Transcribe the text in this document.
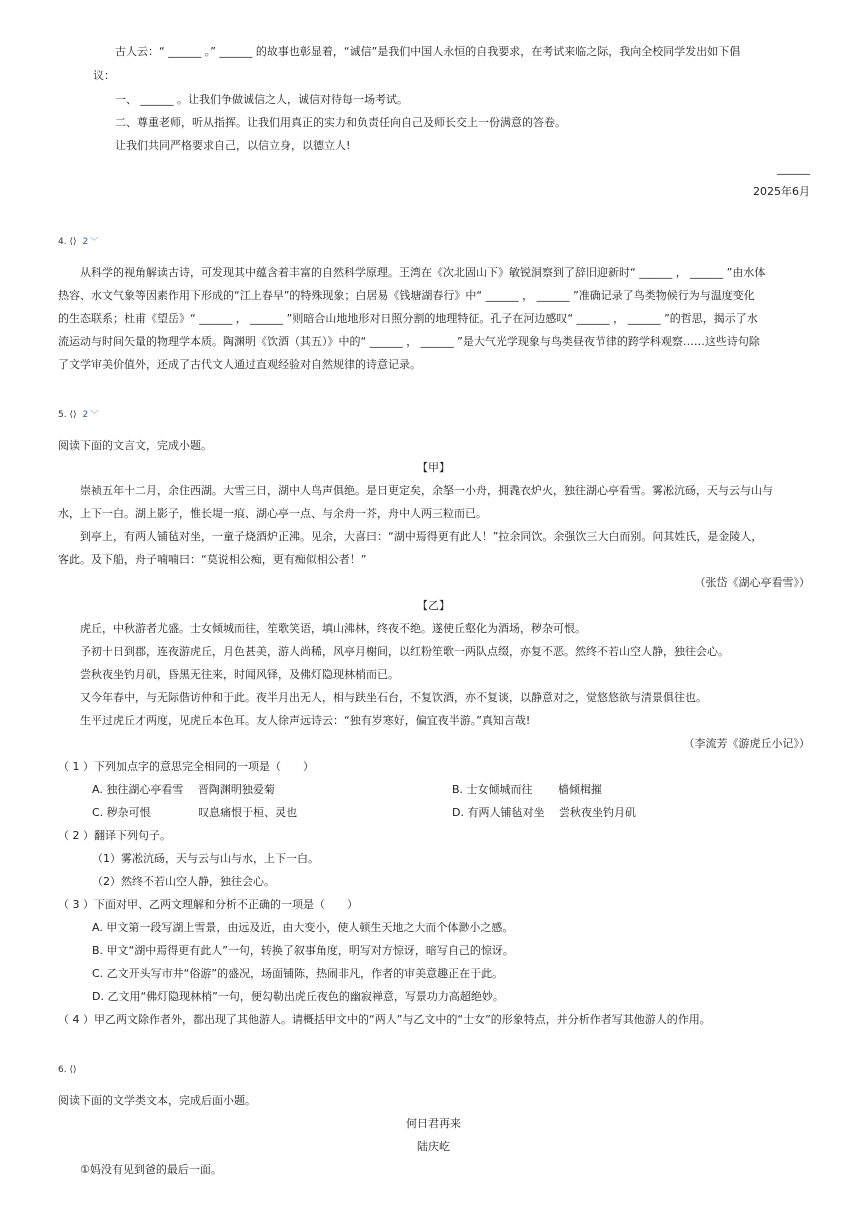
古人云：“ ______ 。” ______ 的故事也彰显着，“诚信”是我们中国人永恒的自我要求，在考试来临之际，我向全校同学发出如下倡
议：
一、 ______ 。让我们争做诚信之人，诚信对待每一场考试。
二、尊重老师，听从指挥。让我们用真正的实力和负责任向自己及师长交上一份满意的答卷。
让我们共同严格要求自己，以信立身，以德立人!
______
2025年6月
4. ⟨⟩ 2 ﹀
从科学的视角解读古诗，可发现其中蕴含着丰富的自然科学原理。王湾在《次北固山下》敏锐洞察到了辞旧迎新时“ ______ ， ______ ”由水体
热容、水文气象等因素作用下形成的“江上春早”的特殊现象；白居易《钱塘湖春行》中“ ______ ， ______ ”准确记录了鸟类物候行为与温度变化
的生态联系；杜甫《望岳》“ ______ ， ______ ”则暗合山地地形对日照分割的地理特征。孔子在河边感叹“ ______ ， ______ ”的哲思，揭示了水
流运动与时间矢量的物理学本质。陶渊明《饮酒（其五）》中的“ ______ ， ______ ”是大气光学现象与鸟类昼夜节律的跨学科观察……这些诗句除
了文学审美价值外，还成了古代文人通过直观经验对自然规律的诗意记录。
5. ⟨⟩ 2 ﹀
阅读下面的文言文，完成小题。
【甲】
崇祯五年十二月，余住西湖。大雪三日，湖中人鸟声俱绝。是日更定矣，余拏一小舟，拥毳衣炉火，独往湖心亭看雪。雾凇沆砀，天与云与山与
水，上下一白。湖上影子，惟长堤一痕、湖心亭一点、与余舟一芥，舟中人两三粒而已。
到亭上，有两人铺毡对坐，一童子烧酒炉正沸。见余，大喜曰：“湖中焉得更有此人！”拉余同饮。余强饮三大白而别。问其姓氏，是金陵人，
客此。及下船，舟子喃喃曰：“莫说相公痴，更有痴似相公者！”
（张岱《湖心亭看雪》）
【乙】
虎丘，中秋游者尤盛。士女倾城而往，笙歌笑语，填山沸林，终夜不绝。遂使丘壑化为酒场，秽杂可恨。
予初十日到郡，连夜游虎丘，月色甚美，游人尚稀，风亭月榭间，以红粉笙歌一两队点缀，亦复不恶。然终不若山空人静，独往会心。
尝秋夜坐钓月矶，昏黑无往来，时闻风铎，及佛灯隐现林梢而已。
又今年春中，与无际偕访仲和于此。夜半月出无人，相与趺坐石台，不复饮酒，亦不复谈，以静意对之，觉悠悠欲与清景俱往也。
生平过虎丘才两度，见虎丘本色耳。友人徐声远诗云：“独有岁寒好，偏宜夜半游。”真知言哉!
（李流芳《游虎丘小记》）
（ 1 ）下列加点字的意思完全相同的一项是（　　）
A. 独往湖心亭看雪　 晋陶渊明独爱菊	B. 士女倾城而往　　 樯倾楫摧
C. 秽杂可恨　　　　 叹息痛恨于桓、灵也	D. 有两人铺毡对坐　 尝秋夜坐钓月矶
（ 2 ）翻译下列句子。
（1）雾凇沆砀，天与云与山与水，上下一白。
（2）然终不若山空人静，独往会心。
（ 3 ）下面对甲、乙两文理解和分析不正确的一项是（　　）
A. 甲文第一段写湖上雪景，由远及近，由大变小，使人顿生天地之大而个体渺小之感。
B. 甲文“湖中焉得更有此人”一句，转换了叙事角度，明写对方惊讶，暗写自己的惊讶。
C. 乙文开头写市井“俗游”的盛况，场面铺陈，热闹非凡，作者的审美意趣正在于此。
D. 乙文用“佛灯隐现林梢”一句，便勾勒出虎丘夜色的幽寂禅意，写景功力高超绝妙。
（ 4 ）甲乙两文除作者外，都出现了其他游人。请概括甲文中的“两人”与乙文中的“士女”的形象特点，并分析作者写其他游人的作用。
6. ⟨⟩
阅读下面的文学类文本，完成后面小题。
何日君再来
陆庆屹
①妈没有见到爸的最后一面。
